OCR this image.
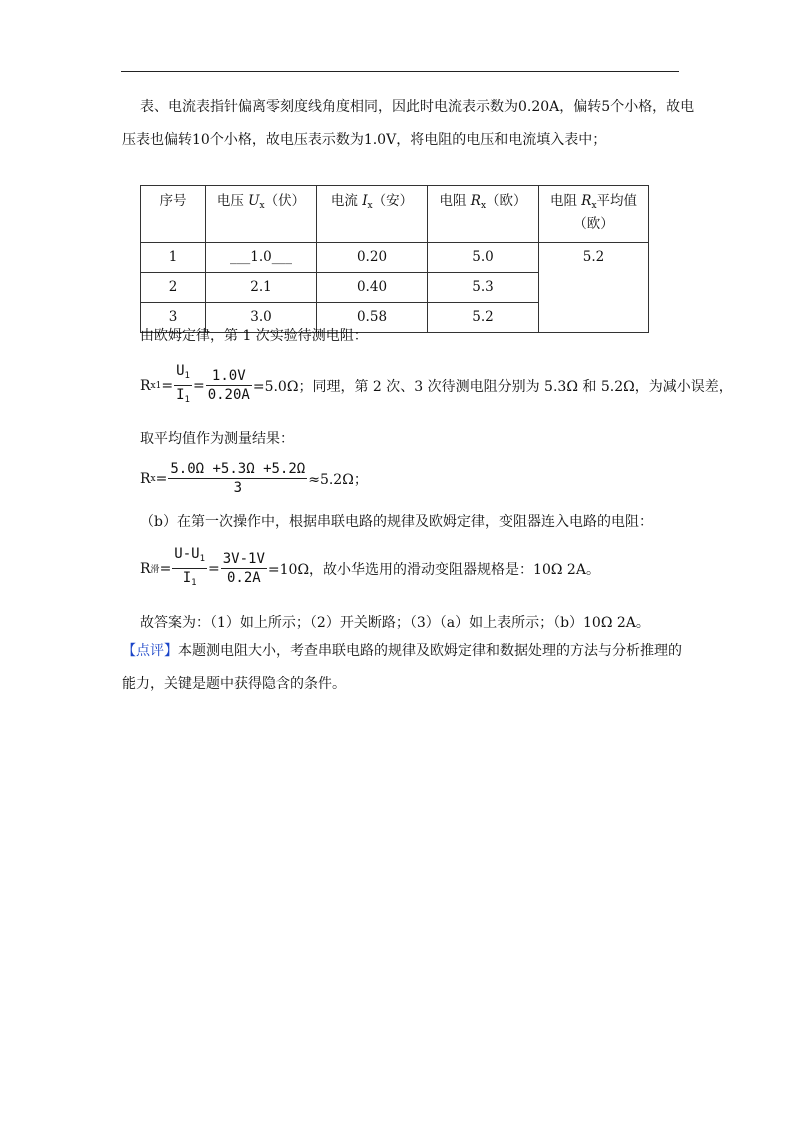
表、电流表指针偏离零刻度线角度相同，因此时电流表示数为0.20A，偏转5个小格，故电
压表也偏转10个小格，故电压表示数为1.0V，将电阻的电压和电流填入表中；
序号	电压 $U_x$（伏）	电流 $I_x$（安）	电阻 $R_x$（欧）	电阻 $R_x$平均值
（欧）
1	___1.0___	0.20	5.0	5.2
2	2.1	0.40	5.3	
3	3.0	0.58	5.2	
由欧姆定律，第 1 次实验待测电阻：
R $x1 = \frac{U_1}{I_1} = \frac{1.0V}{0.20A} =5.0\Omega$；同理，第 2 次、3 次待测电阻分别为 5.3Ω 和 5.2Ω，为减小误差，
取平均值作为测量结果：
R $x = \frac{5.0\Omega +5.3\Omega +5.2\Omega}{3} \approx 5.2\Omega$；
（b）在第一次操作中，根据串联电路的规律及欧姆定律，变阻器连入电路的电阻：
R 滑 = $\frac{U-U_1}{I_1} = \frac{3V-1V}{0.2A} =10\Omega$，故小华选用的滑动变阻器规格是：10Ω 2A。
故答案为：（1）如上所示；（2）开关断路；（3）（a）如上表所示；（b）10Ω 2A。
【点评】本题测电阻大小，考查串联电路的规律及欧姆定律和数据处理的方法与分析推理的
能力，关键是题中获得隐含的条件。
